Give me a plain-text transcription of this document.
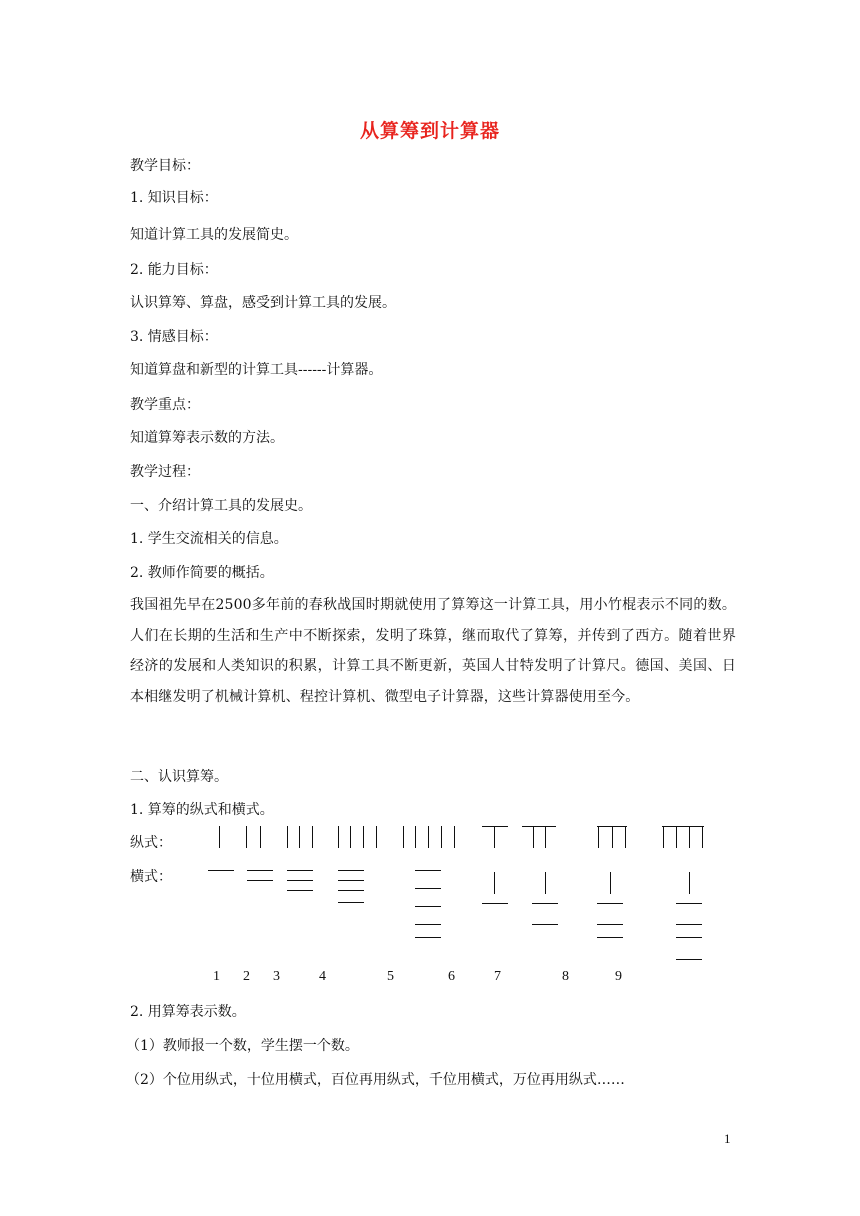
从算筹到计算器
教学目标：
1. 知识目标：
知道计算工具的发展简史。
2. 能力目标：
认识算筹、算盘，感受到计算工具的发展。
3. 情感目标：
知道算盘和新型的计算工具------计算器。
教学重点：
知道算筹表示数的方法。
教学过程：
一、介绍计算工具的发展史。
1. 学生交流相关的信息。
2. 教师作简要的概括。
我国祖先早在2500多年前的春秋战国时期就使用了算筹这一计算工具，用小竹棍表示不同的数。人们在长期的生活和生产中不断探索，发明了珠算，继而取代了算筹，并传到了西方。随着世界经济的发展和人类知识的积累，计算工具不断更新，英国人甘特发明了计算尺。德国、美国、日本相继发明了机械计算机、程控计算机、微型电子计算器，这些计算器使用至今。
二、认识算筹。
1. 算筹的纵式和横式。
纵式：
横式：
1 2 3	4	5	6	7	8	9
2. 用算筹表示数。
（1）教师报一个数，学生摆一个数。
（2）个位用纵式，十位用横式，百位再用纵式，千位用横式，万位再用纵式……
1
